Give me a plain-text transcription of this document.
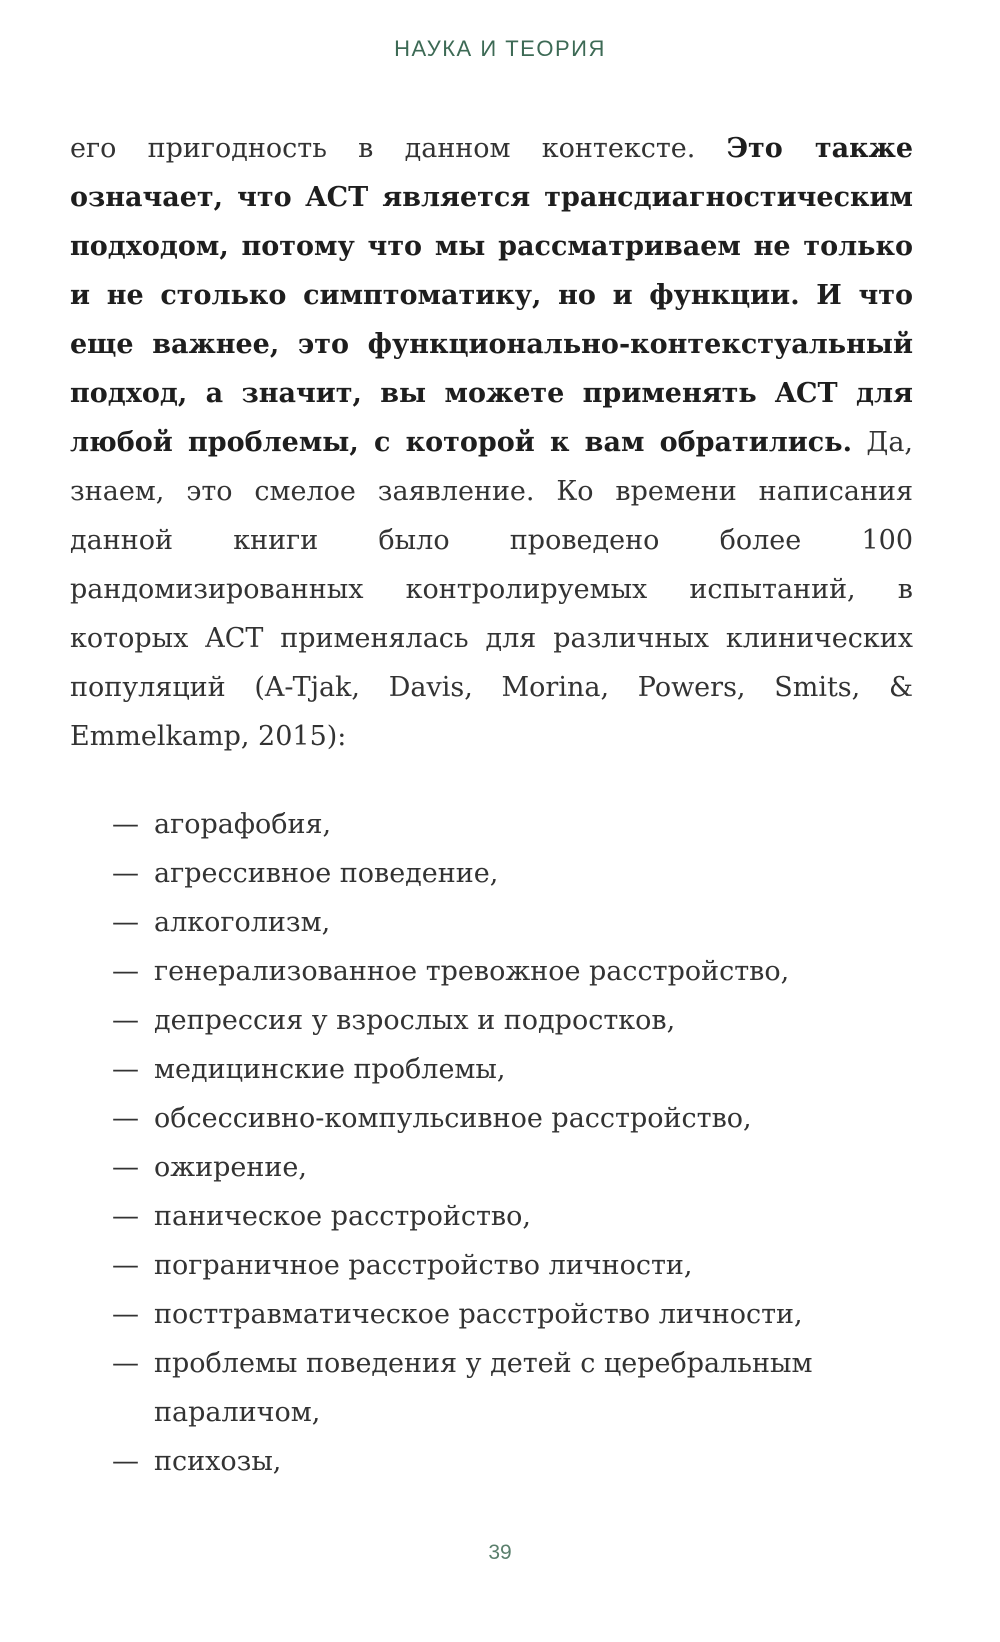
НАУКА И ТЕОРИЯ
его пригодность в данном контексте. Это также означает, что ACT является трансдиагностическим подходом, потому что мы рассматриваем не только и не столько симптоматику, но и функции. И что еще важнее, это функционально-контекстуальный подход, а значит, вы можете применять ACT для любой проблемы, с которой к вам обратились. Да, знаем, это смелое заявление. Ко времени написания данной книги было проведено более 100 рандомизированных контролируемых испытаний, в которых ACT применялась для различных клинических популяций (A-Tjak, Davis, Morina, Powers, Smits, & Emmelkamp, 2015):
— агорафобия,
— агрессивное поведение,
— алкоголизм,
— генерализованное тревожное расстройство,
— депрессия у взрослых и подростков,
— медицинские проблемы,
— обсессивно-компульсивное расстройство,
— ожирение,
— паническое расстройство,
— пограничное расстройство личности,
— посттравматическое расстройство личности,
— проблемы поведения у детей с церебральным параличом,
— психозы,
39
